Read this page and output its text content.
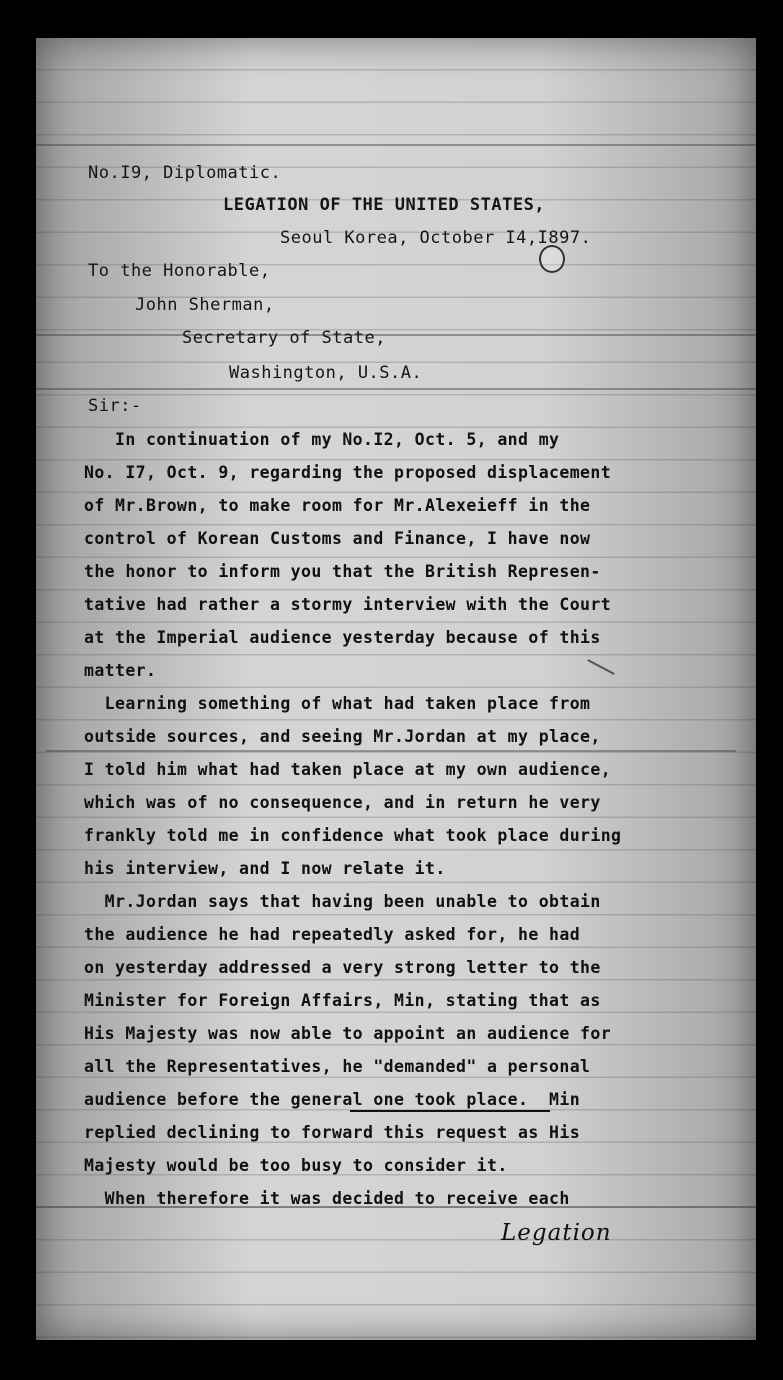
No.I9, Diplomatic.
LEGATION OF THE UNITED STATES,
Seoul Korea, October I4,I897.
To the Honorable,
John Sherman,
Secretary of State,
Washington, U.S.A.
Sir:-
In continuation of my No.I2, Oct. 5, and my
No. I7, Oct. 9, regarding the proposed displacement
of Mr.Brown, to make room for Mr.Alexeieff in the
control of Korean Customs and Finance, I have now
the honor to inform you that the British Represen-
tative had rather a stormy interview with the Court
at the Imperial audience yesterday because of this
matter.
Learning something of what had taken place from
outside sources, and seeing Mr.Jordan at my place,
I told him what had taken place at my own audience,
which was of no consequence, and in return he very
frankly told me in confidence what took place during
his interview, and I now relate it.
Mr.Jordan says that having been unable to obtain
the audience he had repeatedly asked for, he had
on yesterday addressed a very strong letter to the
Minister for Foreign Affairs, Min, stating that as
His Majesty was now able to appoint an audience for
all the Representatives, he "demanded" a personal
audience before the general one took place.  Min
replied declining to forward this request as His
Majesty would be too busy to consider it.
When therefore it was decided to receive each
Legation
